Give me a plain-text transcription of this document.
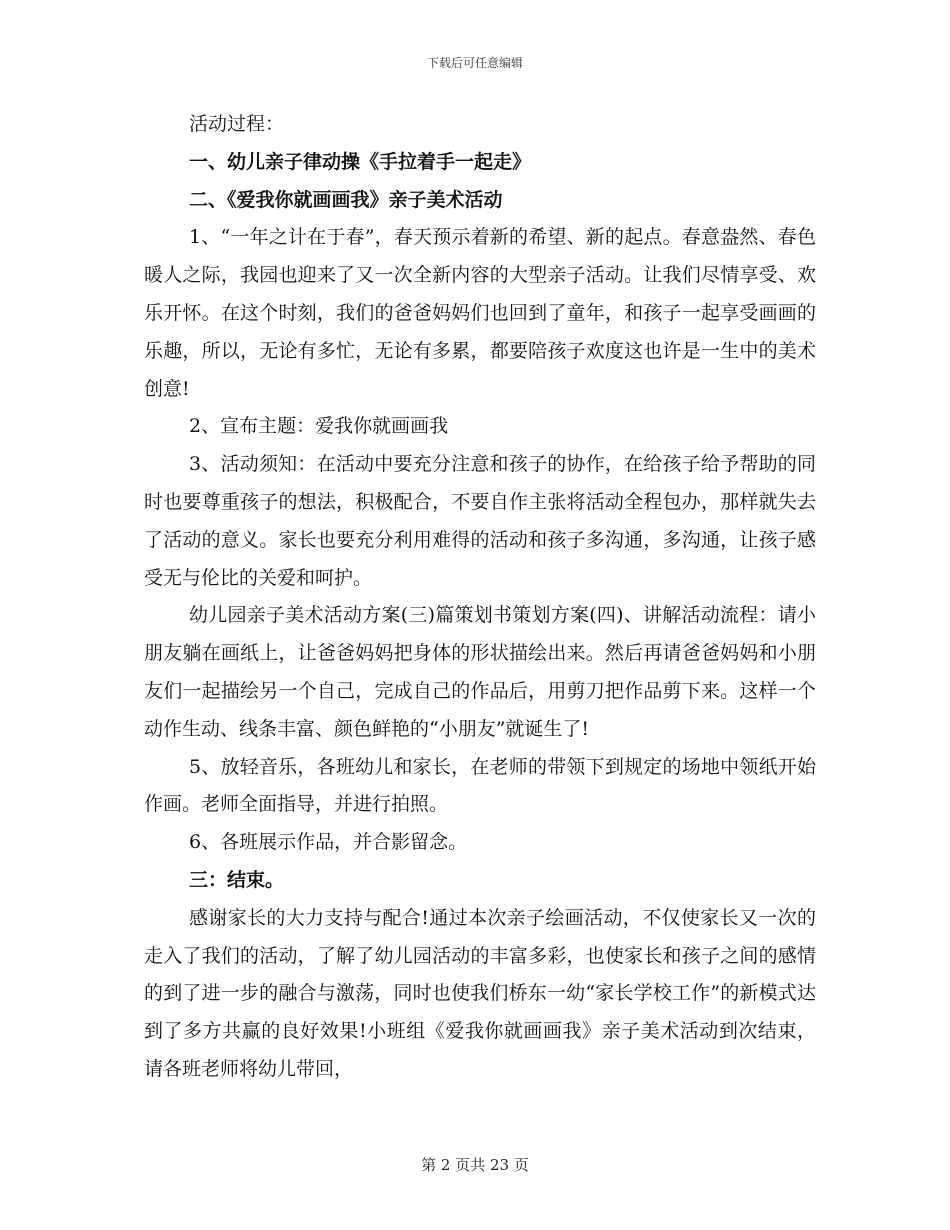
下载后可任意编辑

活动过程：

一、幼儿亲子律动操《手拉着手一起走》

二、《爱我你就画画我》亲子美术活动

1、“一年之计在于春”，春天预示着新的希望、新的起点。春意盎然、春色暖人之际，我园也迎来了又一次全新内容的大型亲子活动。让我们尽情享受、欢乐开怀。在这个时刻，我们的爸爸妈妈们也回到了童年，和孩子一起享受画画的乐趣，所以，无论有多忙，无论有多累，都要陪孩子欢度这也许是一生中的美术创意!

2、宣布主题：爱我你就画画我

3、活动须知：在活动中要充分注意和孩子的协作，在给孩子给予帮助的同时也要尊重孩子的想法，积极配合，不要自作主张将活动全程包办，那样就失去了活动的意义。家长也要充分利用难得的活动和孩子多沟通，多沟通，让孩子感受无与伦比的关爱和呵护。

幼儿园亲子美术活动方案(三)篇策划书策划方案(四)、讲解活动流程：请小朋友躺在画纸上，让爸爸妈妈把身体的形状描绘出来。然后再请爸爸妈妈和小朋友们一起描绘另一个自己，完成自己的作品后，用剪刀把作品剪下来。这样一个动作生动、线条丰富、颜色鲜艳的“小朋友”就诞生了!

5、放轻音乐，各班幼儿和家长，在老师的带领下到规定的场地中领纸开始作画。老师全面指导，并进行拍照。

6、各班展示作品，并合影留念。

三：结束。

感谢家长的大力支持与配合!通过本次亲子绘画活动，不仅使家长又一次的走入了我们的活动，了解了幼儿园活动的丰富多彩，也使家长和孩子之间的感情的到了进一步的融合与激荡，同时也使我们桥东一幼“家长学校工作”的新模式达到了多方共赢的良好效果!小班组《爱我你就画画我》亲子美术活动到次结束，请各班老师将幼儿带回，

第 2 页共 23 页
